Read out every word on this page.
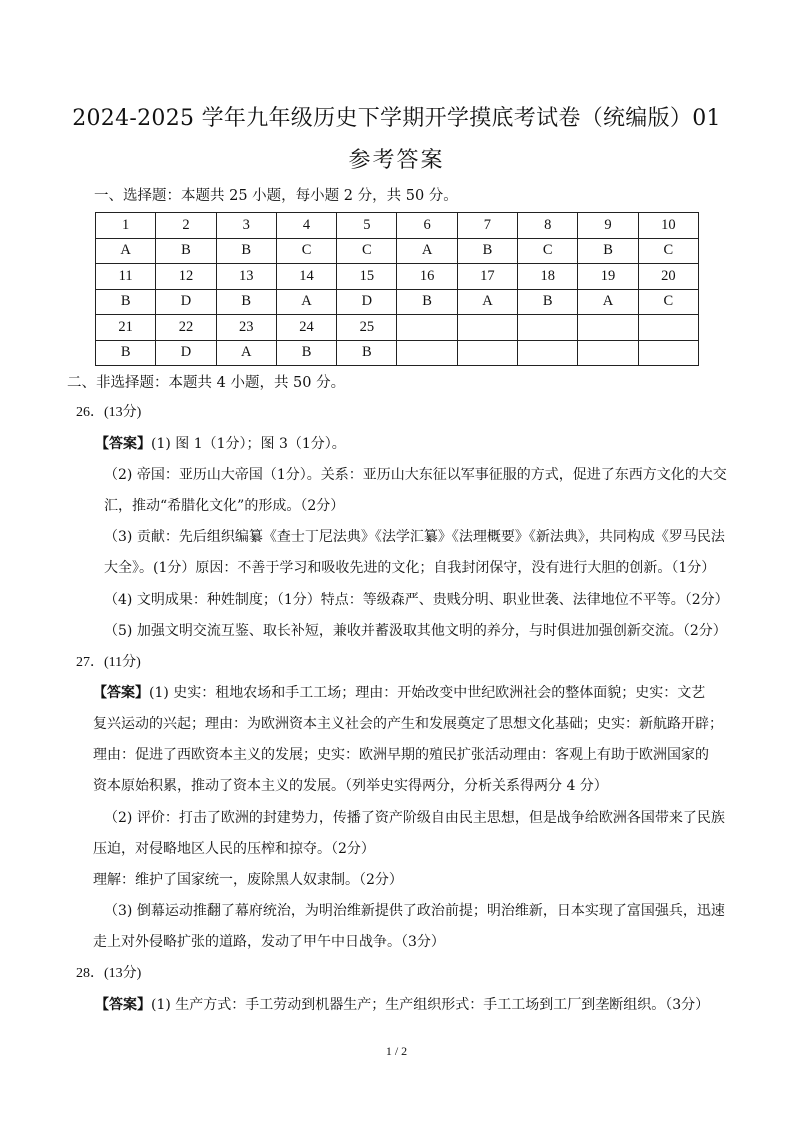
2024-2025 学年九年级历史下学期开学摸底考试卷（统编版）01
参考答案
一、选择题：本题共 25 小题，每小题 2 分，共 50 分。
1	2	3	4	5	6	7	8	9	10
A	B	B	C	C	A	B	C	B	C
11	12	13	14	15	16	17	18	19	20
B	D	B	A	D	B	A	B	A	C
21	22	23	24	25					
B	D	A	B	B					
二、非选择题：本题共 4 小题，共 50 分。
26．(13分)
【答案】(1) 图 1（1分）；图 3（1分）。
（2) 帝国：亚历山大帝国（1分）。关系：亚历山大东征以军事征服的方式，促进了东西方文化的大交
汇，推动“希腊化文化”的形成。（2分）
（3) 贡献：先后组织编纂《查士丁尼法典》《法学汇纂》《法理概要》《新法典》，共同构成《罗马民法
大全》。(1分）原因：不善于学习和吸收先进的文化；自我封闭保守，没有进行大胆的创新。（1分）
（4) 文明成果：种姓制度；（1分）特点：等级森严、贵贱分明、职业世袭、法律地位不平等。（2分）
（5) 加强文明交流互鉴、取长补短，兼收并蓄汲取其他文明的养分，与时俱进加强创新交流。（2分）
27．(11分)
【答案】(1) 史实：租地农场和手工工场；理由：开始改变中世纪欧洲社会的整体面貌；史实：文艺
复兴运动的兴起；理由：为欧洲资本主义社会的产生和发展奠定了思想文化基础；史实：新航路开辟；
理由：促进了西欧资本主义的发展；史实：欧洲早期的殖民扩张活动理由：客观上有助于欧洲国家的
资本原始积累，推动了资本主义的发展。（列举史实得两分，分析关系得两分 4 分）
（2) 评价：打击了欧洲的封建势力，传播了资产阶级自由民主思想，但是战争给欧洲各国带来了民族
压迫，对侵略地区人民的压榨和掠夺。（2分）
理解：维护了国家统一，废除黑人奴隶制。（2分）
（3) 倒幕运动推翻了幕府统治，为明治维新提供了政治前提；明治维新，日本实现了富国强兵，迅速
走上对外侵略扩张的道路，发动了甲午中日战争。（3分）
28．(13分)
【答案】(1) 生产方式：手工劳动到机器生产；生产组织形式：手工工场到工厂到垄断组织。（3分）
1 / 2
